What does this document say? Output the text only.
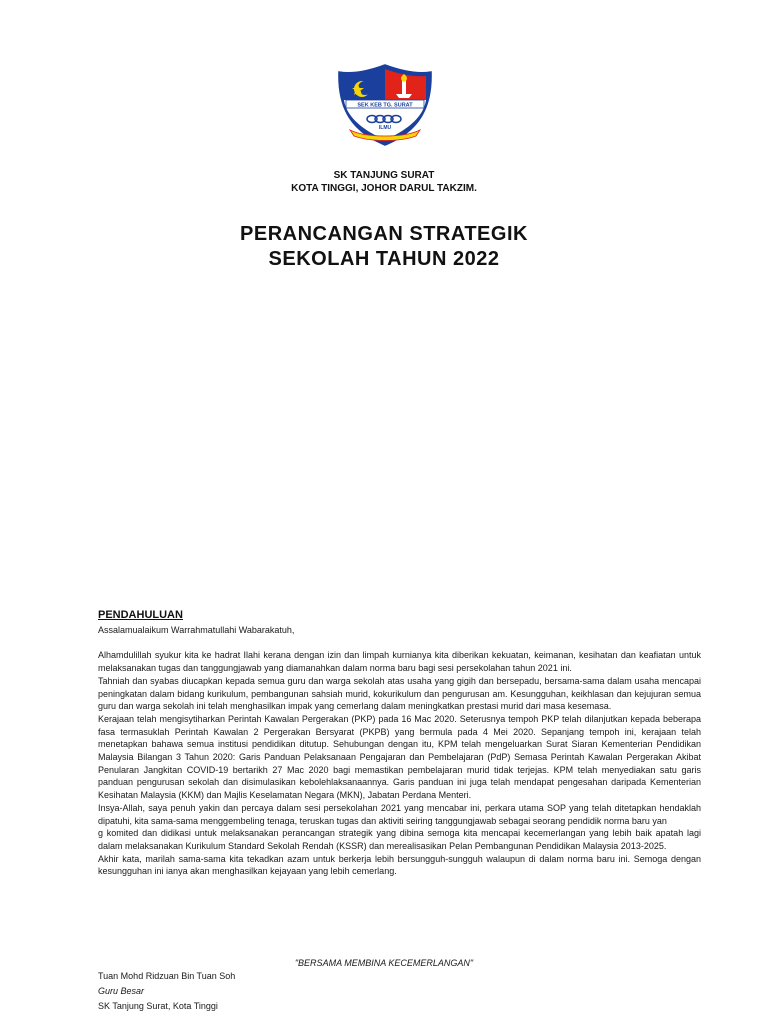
SEK KEB TG. SURAT
ILMU
SK TANJUNG SURAT
KOTA TINGGI, JOHOR DARUL TAKZIM.
PERANCANGAN STRATEGIK
SEKOLAH TAHUN 2022
PENDAHULUAN

Assalamualaikum Warrahmatullahi Wabarakatuh,

Alhamdulillah syukur kita ke hadrat Ilahi kerana dengan izin dan limpah kurnianya kita diberikan kekuatan, keimanan, kesihatan dan keafiatan untuk melaksanakan tugas dan tanggungjawab yang diamanahkan dalam norma baru bagi sesi persekolahan tahun 2021 ini.

Tahniah dan syabas diucapkan kepada semua guru dan warga sekolah atas usaha yang gigih dan bersepadu, bersama-sama dalam usaha mencapai peningkatan dalam bidang kurikulum, pembangunan sahsiah murid, kokurikulum dan pengurusan am. Kesungguhan, keikhlasan dan kejujuran semua guru dan warga sekolah ini telah menghasilkan impak yang cemerlang dalam meningkatkan prestasi murid dari masa kesemasa.

Kerajaan telah mengisytiharkan Perintah Kawalan Pergerakan (PKP) pada 16 Mac 2020. Seterusnya tempoh PKP telah dilanjutkan kepada beberapa fasa termasuklah Perintah Kawalan 2 Pergerakan Bersyarat (PKPB) yang bermula pada 4 Mei 2020. Sepanjang tempoh ini, kerajaan telah menetapkan bahawa semua institusi pendidikan ditutup. Sehubungan dengan itu, KPM telah mengeluarkan Surat Siaran Kementerian Pendidikan Malaysia Bilangan 3 Tahun 2020: Garis Panduan Pelaksanaan Pengajaran dan Pembelajaran (PdP) Semasa Perintah Kawalan Pergerakan Akibat Penularan Jangkitan COVID-19 bertarikh 27 Mac 2020 bagi memastikan pembelajaran murid tidak terjejas. KPM telah menyediakan satu garis panduan pengurusan sekolah dan disimulasikan kebolehlaksanaannya. Garis panduan ini juga telah mendapat pengesahan daripada Kementerian Kesihatan Malaysia (KKM) dan Majlis Keselamatan Negara (MKN), Jabatan Perdana Menteri.

Insya-Allah, saya penuh yakin dan percaya dalam sesi persekolahan 2021 yang mencabar ini, perkara utama SOP yang telah ditetapkan hendaklah dipatuhi, kita sama-sama menggembeling tenaga, teruskan tugas dan aktiviti seiring tanggungjawab sebagai seorang pendidik norma baru yan

g komited dan didikasi untuk melaksanakan perancangan strategik yang dibina semoga kita mencapai kecemerlangan yang lebih baik apatah lagi dalam melaksanakan Kurikulum Standard Sekolah Rendah (KSSR) dan merealisasikan Pelan Pembangunan Pendidikan Malaysia 2013-2025.

Akhir kata, marilah sama-sama kita tekadkan azam untuk berkerja lebih bersungguh-sungguh walaupun di dalam norma baru ini. Semoga dengan kesungguhan ini ianya akan menghasilkan kejayaan yang lebih cemerlang.

"BERSAMA MEMBINA KECEMERLANGAN"
Tuan Mohd Ridzuan Bin Tuan Soh
Guru Besar
SK Tanjung Surat, Kota Tinggi
